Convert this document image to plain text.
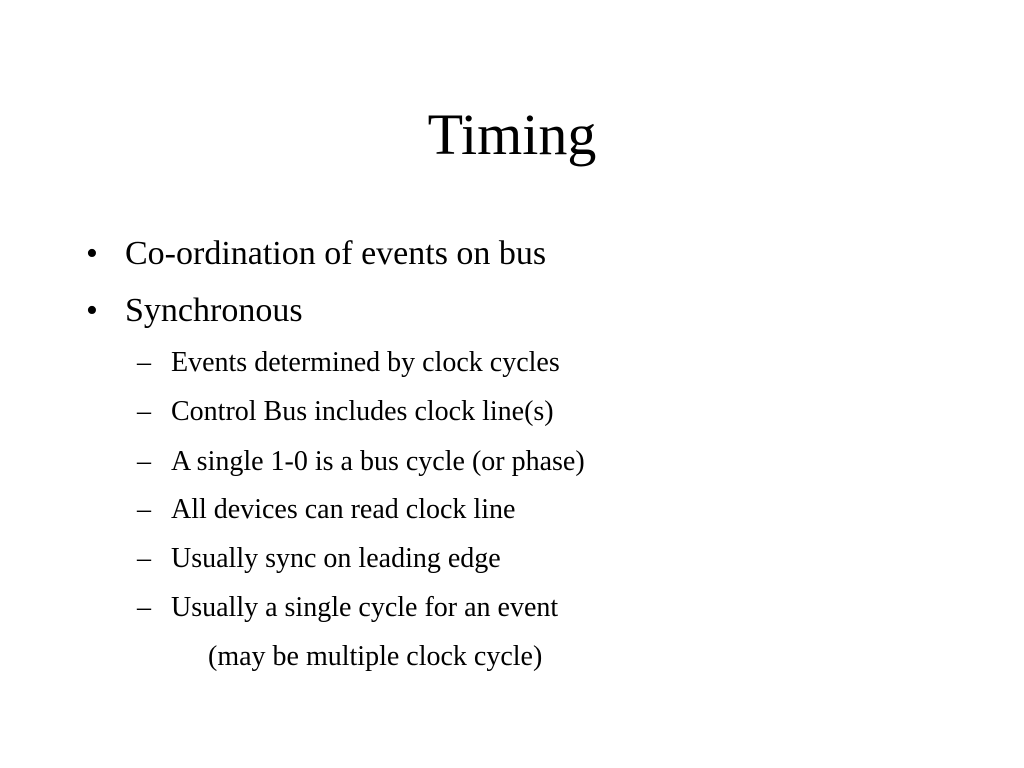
Timing
• Co-ordination of events on bus
• Synchronous
– Events determined by clock cycles
– Control Bus includes clock line(s)
– A single 1-0 is a bus cycle (or phase)
– All devices can read clock line
– Usually sync on leading edge
– Usually a single cycle for an event
(may be multiple clock cycle)
